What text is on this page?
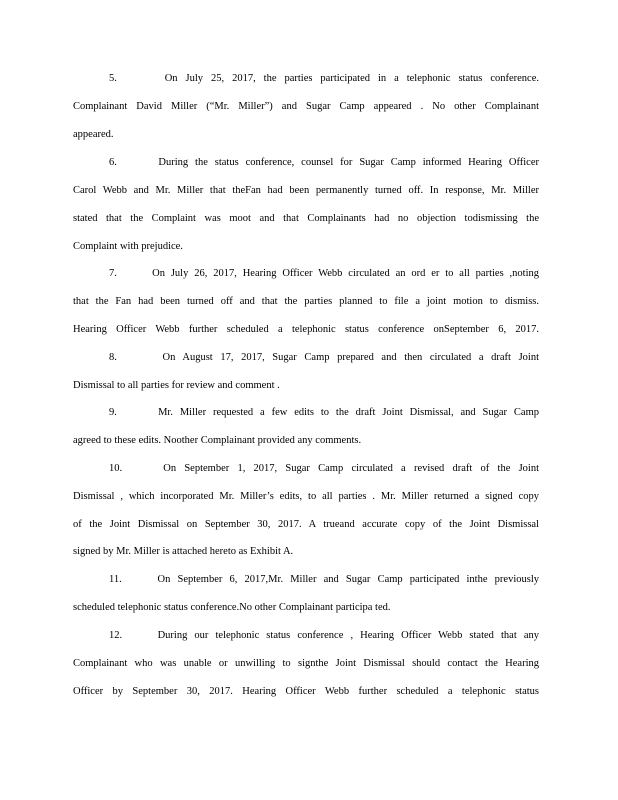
5.      On July 25, 2017, the parties participated in a telephonic status conference.
Complainant David Miller (“Mr. Miller”) and Sugar Camp appeared . No other Complainant
appeared.
6.      During the status conference, counsel for Sugar Camp informed Hearing Officer
Carol Webb and Mr. Miller that theFan had been permanently turned off. In response, Mr. Miller
stated that the Complaint was moot and that Complainants had no objection todismissing the
Complaint with prejudice.
7.      On July 26, 2017, Hearing Officer Webb circulated an ord er to all parties ,noting
that the Fan had been turned off and that the parties planned to file a joint motion to dismiss.
Hearing Officer Webb further scheduled a telephonic status conference onSeptember 6, 2017.
8.      On August 17, 2017, Sugar Camp prepared and then circulated a draft Joint
Dismissal to all parties for review and comment .
9.      Mr. Miller requested a few edits to the draft Joint Dismissal, and Sugar Camp
agreed to these edits. Noother Complainant provided any comments.
10.     On September 1, 2017, Sugar Camp circulated a revised draft of the Joint
Dismissal , which incorporated Mr. Miller’s edits, to all parties . Mr. Miller returned a signed copy
of the Joint Dismissal on September 30, 2017. A trueand accurate copy of the Joint Dismissal
signed by Mr. Miller is attached hereto as Exhibit A.
11.     On September 6, 2017,Mr. Miller and Sugar Camp participated inthe previously
scheduled telephonic status conference.No other Complainant participa ted.
12.     During our telephonic status conference , Hearing Officer Webb stated that any
Complainant who was unable or unwilling to signthe Joint Dismissal should contact the Hearing
Officer by September 30, 2017. Hearing Officer Webb further scheduled a telephonic status
